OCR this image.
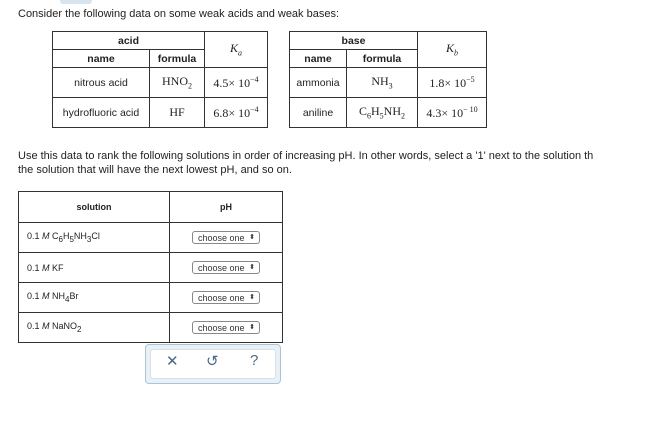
Consider the following data on some weak acids and weak bases:
acid		$K_a$
name	formula	
nitrous acid	$HNO_2$	$4.5\times 10^{-4}$
hydrofluoric acid	HF	$6.8\times 10^{-4}$
base		$K_b$
name	formula	
ammonia	$NH_3$	$1.8\times 10^{-5}$
aniline	$C_6H_5NH_2$	$4.3\times 10^{- 10}$
Use this data to rank the following solutions in order of increasing pH. In other words, select a '1' next to the solution th
the solution that will have the next lowest pH, and so on.
solution	pH
0.1 M $C_6H_5NH_3Cl$	choose one ⬍

0.1 M KF	choose one ⬍

0.1 M $NH_4Br$	choose one ⬍

0.1 M NaNO$_2$	choose one ⬍
✕ ↺ ?
